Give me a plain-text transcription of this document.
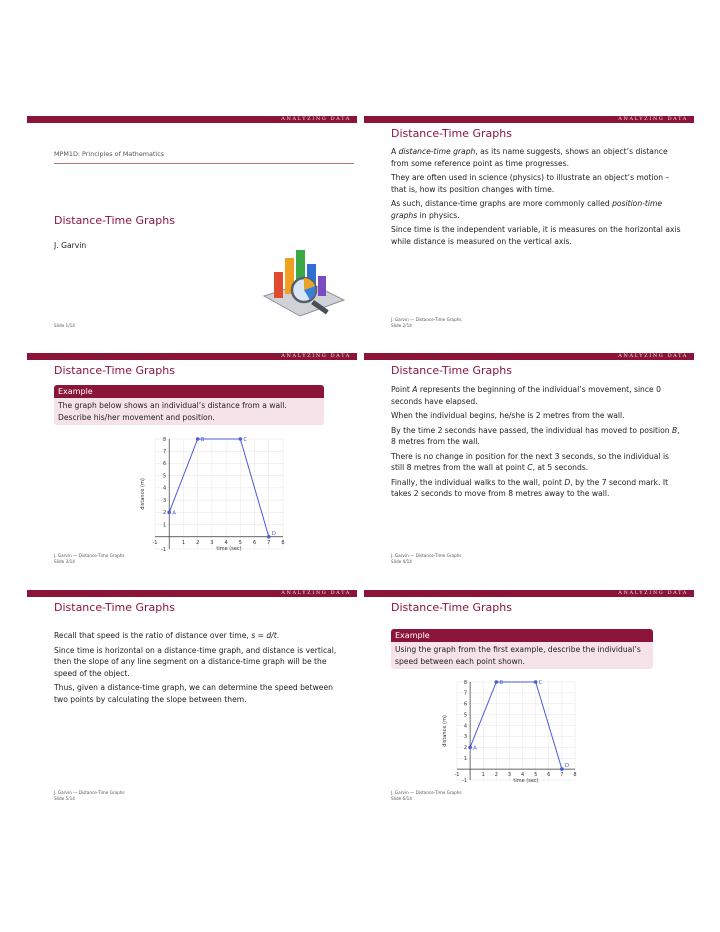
ANALYZING DATA
MPM1D: Principles of Mathematics
Distance-Time Graphs
J. Garvin
Slide 1/14
ANALYZING DATA
Distance-Time Graphs

A distance-time graph, as its name suggests, shows an object’s distance from some reference point as time progresses.

They are often used in science (physics) to illustrate an object’s motion – that is, how its position changes with time.

As such, distance-time graphs are more commonly called position-time graphs in physics.

Since time is the independent variable, it is measures on the horizontal axis while distance is measured on the vertical axis.

J. Garvin — Distance-Time Graphs
Slide 2/14
ANALYZING DATA
Distance-Time Graphs
Example
The graph below shows an individual’s distance from a wall. Describe his/her movement and position.
-1	1 2 3 4 5 6 7 8
-1
1
2
3
4
5
6
7
8
time (sec)
distance (m)
A
B	C
D
J. Garvin — Distance-Time Graphs
Slide 3/14
ANALYZING DATA
Distance-Time Graphs

Point A represents the beginning of the individual’s movement, since 0 seconds have elapsed.

When the individual begins, he/she is 2 metres from the wall.

By the time 2 seconds have passed, the individual has moved to position B, 8 metres from the wall.

There is no change in position for the next 3 seconds, so the individual is still 8 metres from the wall at point C, at 5 seconds.

Finally, the individual walks to the wall, point D, by the 7 second mark. It takes 2 seconds to move from 8 metres away to the wall.

J. Garvin — Distance-Time Graphs
Slide 4/14
ANALYZING DATA
Distance-Time Graphs

Recall that speed is the ratio of distance over time, s = d/t.

Since time is horizontal on a distance-time graph, and distance is vertical, then the slope of any line segment on a distance-time graph will be the speed of the object.

Thus, given a distance-time graph, we can determine the speed between two points by calculating the slope between them.

J. Garvin — Distance-Time Graphs
Slide 5/14
ANALYZING DATA
Distance-Time Graphs
Example
Using the graph from the first example, describe the individual’s speed between each point shown.
-1	1 2 3 4 5 6 7 8
-1
1
2
3
4
5
6
7
8
time (sec)
distance (m)
A
B	C
D
J. Garvin — Distance-Time Graphs
Slide 6/14
